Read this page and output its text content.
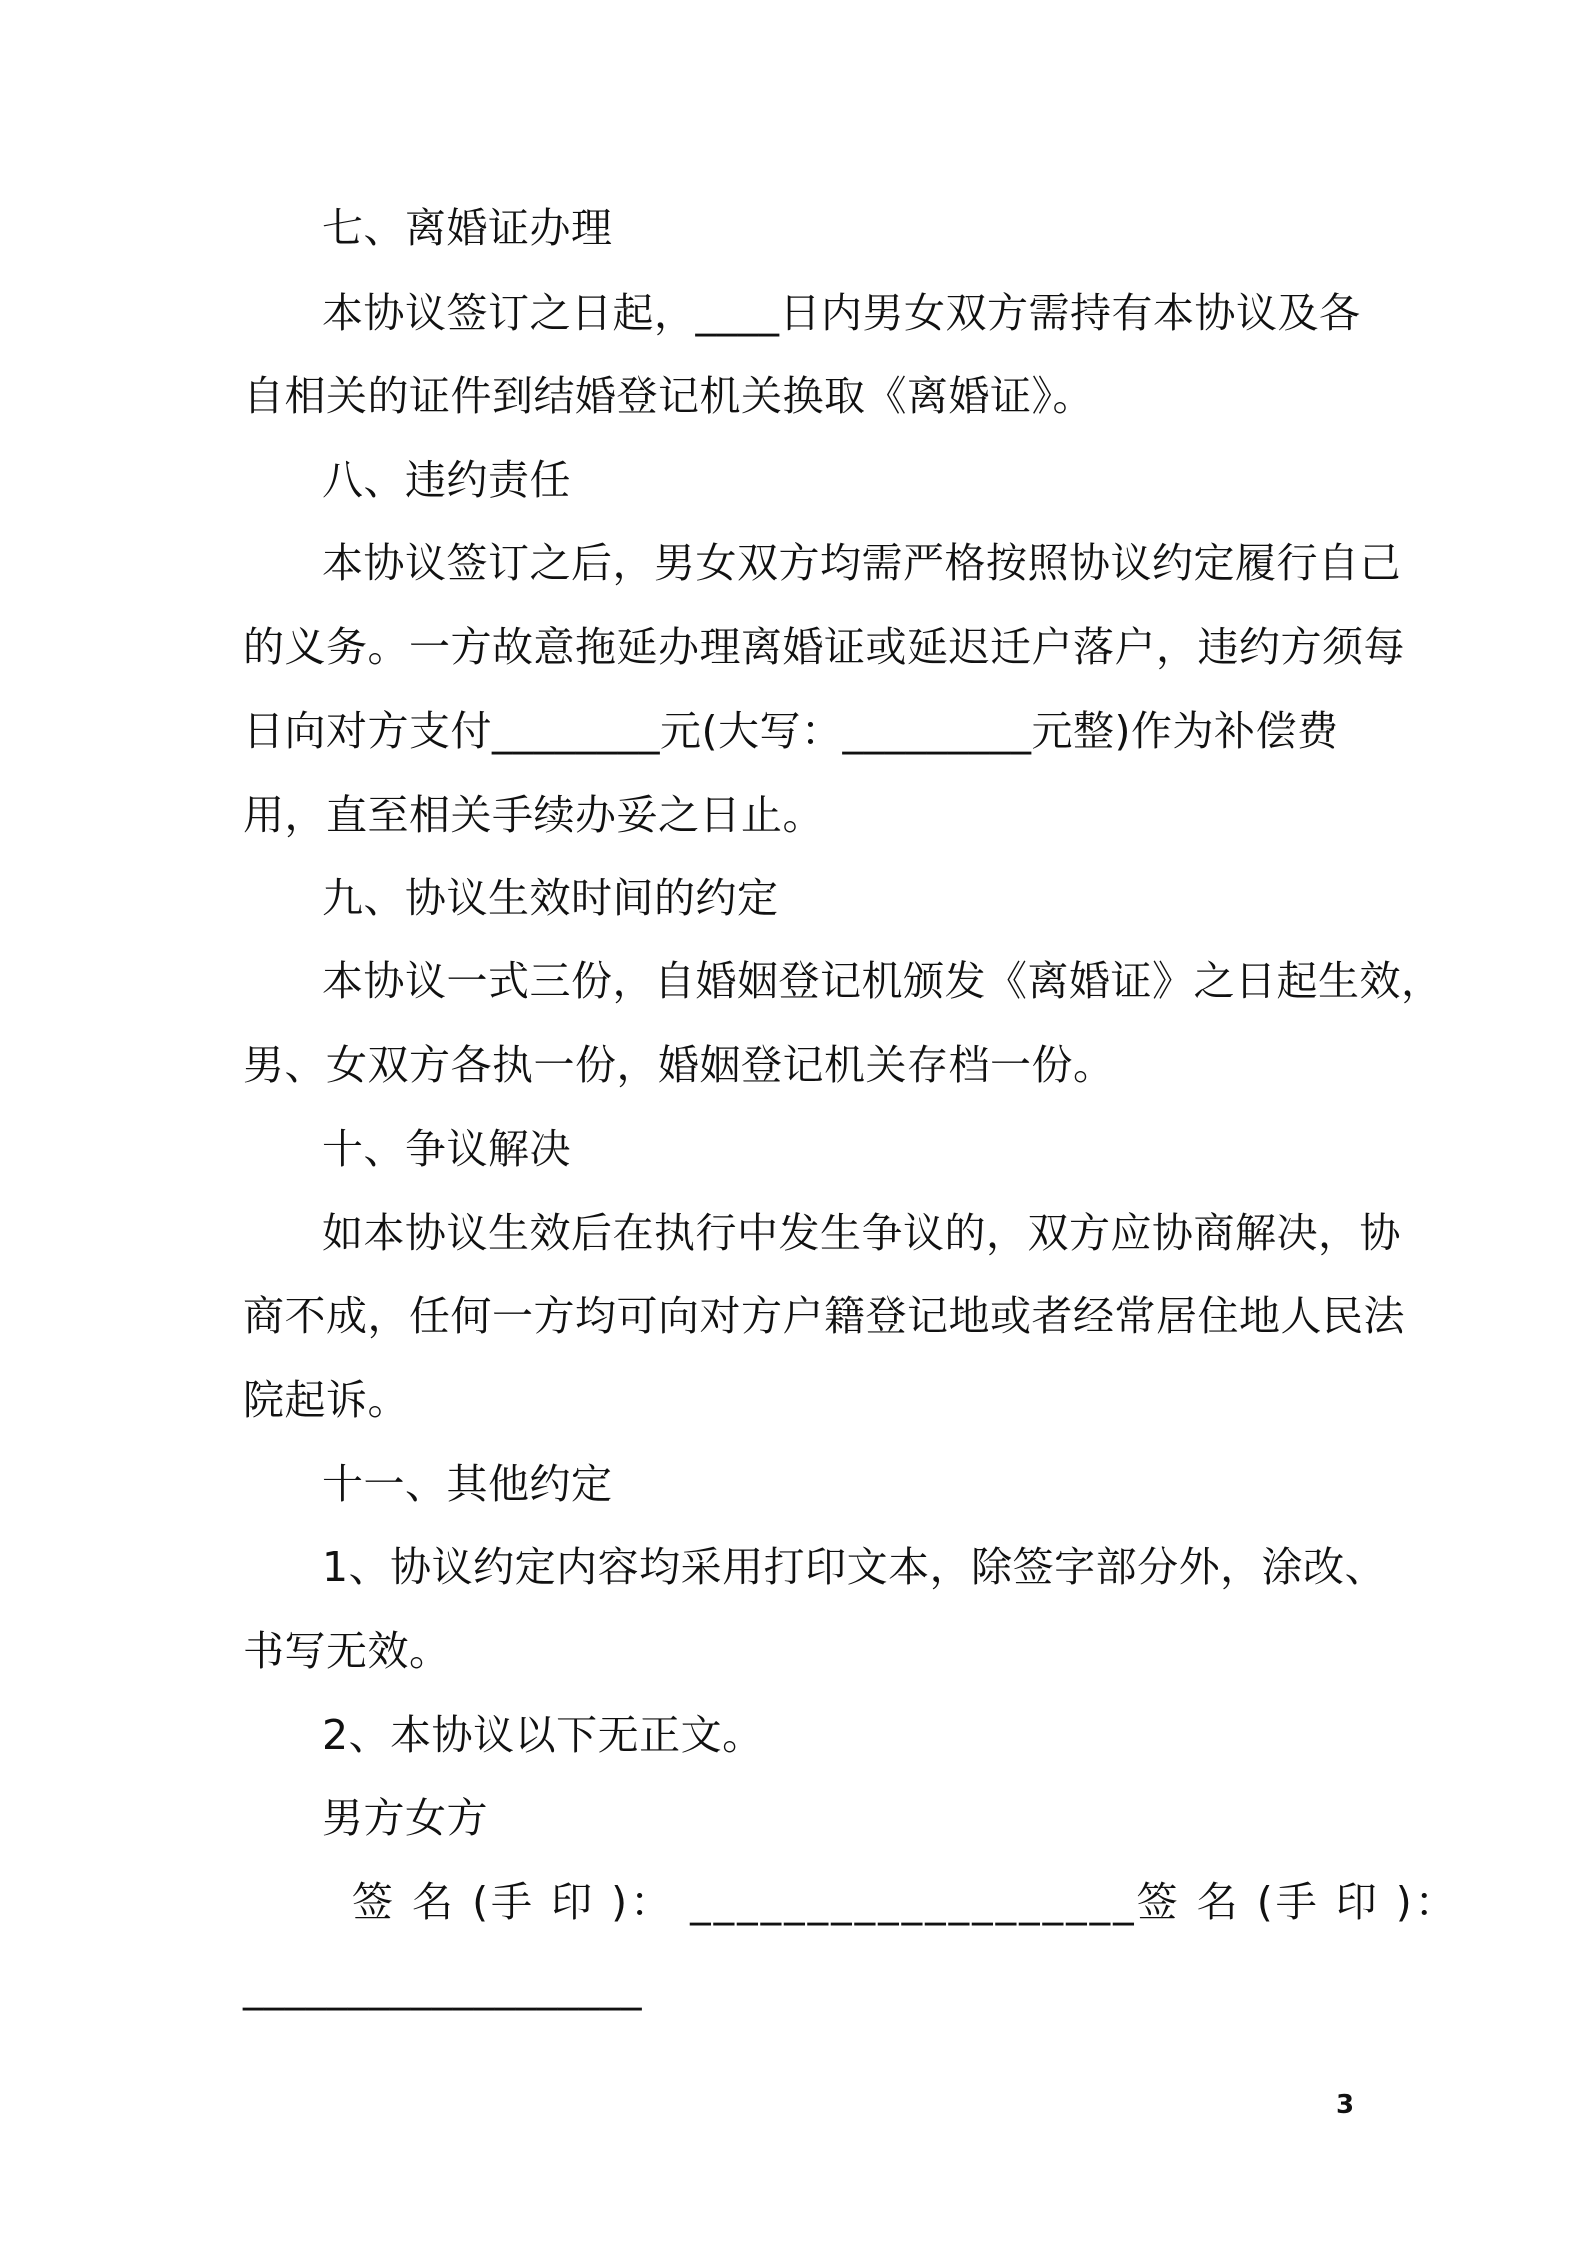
七、离婚证办理
本协议签订之日起，____日内男女双方需持有本协议及各
自相关的证件到结婚登记机关换取《离婚证》。
八、违约责任
本协议签订之后，男女双方均需严格按照协议约定履行自己
的义务。一方故意拖延办理离婚证或延迟迁户落户，违约方须每
日向对方支付________元(大写：_________元整)作为补偿费
用，直至相关手续办妥之日止。
九、协议生效时间的约定
本协议一式三份，自婚姻登记机颁发《离婚证》之日起生效，
男、女双方各执一份，婚姻登记机关存档一份。
十、争议解决
如本协议生效后在执行中发生争议的，双方应协商解决，协
商不成，任何一方均可向对方户籍登记地或者经常居住地人民法
院起诉。
十一、其他约定
1、协议约定内容均采用打印文本，除签字部分外，涂改、
书写无效。
2、本协议以下无正文。
男方女方
签 名 (手 印 )： ___________________签 名 (手 印 )：
___________________
3
